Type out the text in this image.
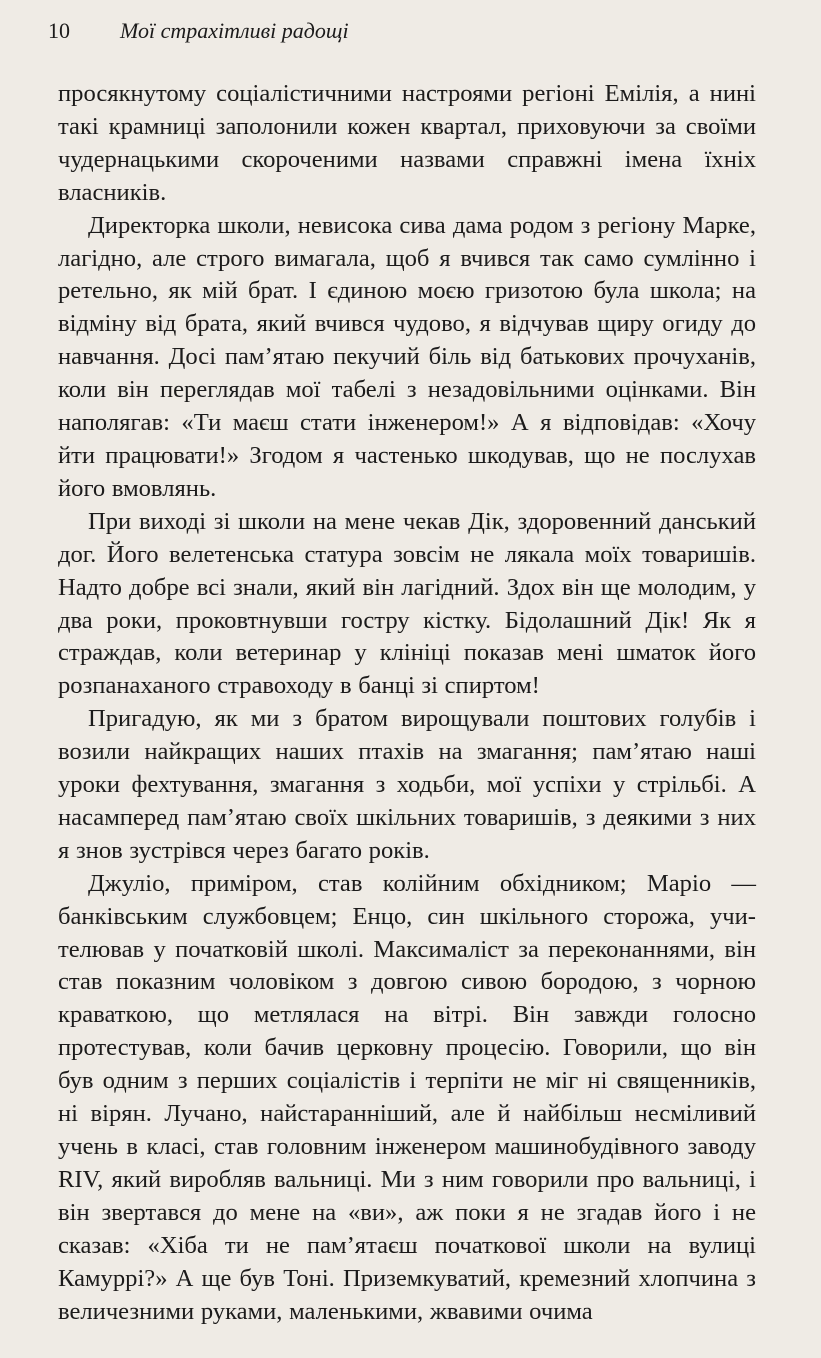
10 Мої страхітливі радощі

просякнутому соціалістичними настроями регіоні Емілія, а нині такі крамниці заполонили кожен квартал, приховуючи за своїми чудернацькими скороченими назвами справжні імена їхніх власників.

Директорка школи, невисока сива дама родом з регіону Марке, лагідно, але строго вимагала, щоб я вчився так само сумлінно і ретельно, як мій брат. І єдиною моєю гризотою була школа; на відміну від брата, який вчився чудово, я відчував щиру огиду до навчання. Досі пам’ятаю пекучий біль від батькових прочуханів, коли він переглядав мої табелі з незадовільними оцінками. Він наполягав: «Ти маєш стати інженером!» А я відповідав: «Хочу йти працювати!» Згодом я частенько шкодував, що не послухав його вмовлянь.

При виході зі школи на мене чекав Дік, здоровенний данський дог. Його велетенська статура зовсім не лякала моїх товаришів. Надто добре всі знали, який він лагідний. Здох він ще молодим, у два роки, проковтнувши гостру кістку. Бідолашний Дік! Як я страждав, коли ветеринар у клініці показав мені шматок його розпанаханого стравоходу в банці зі спиртом!

Пригадую, як ми з братом вирощували поштових голубів і возили найкращих наших птахів на змагання; пам’ятаю наші уроки фехтування, змагання з ходьби, мої успіхи у стрільбі. А насамперед пам’ятаю своїх шкільних товаришів, з деякими з них я знов зустрівся через багато років.

Джуліо, приміром, став колійним обхідником; Маріо — банківським службовцем; Енцо, син шкільного сторожа, учителював у початковій школі. Максималіст за переконаннями, він став показним чоловіком з довгою сивою бородою, з чорною краваткою, що метлялася на вітрі. Він завжди голосно протестував, коли бачив церковну процесію. Говорили, що він був одним з перших соціалістів і терпіти не міг ні священників, ні вірян. Лучано, найстаранніший, але й найбільш несміливий учень в класі, став головним інженером машинобудівного заводу RIV, який виробляв вальниці. Ми з ним говорили про вальниці, і він звертався до мене на «ви», аж поки я не згадав його і не сказав: «Хіба ти не пам’ятаєш початкової школи на вулиці Камуррі?» А ще був Тоні. Приземкуватий, кремезний хлопчина з величезними руками, маленькими, жвавими очима
